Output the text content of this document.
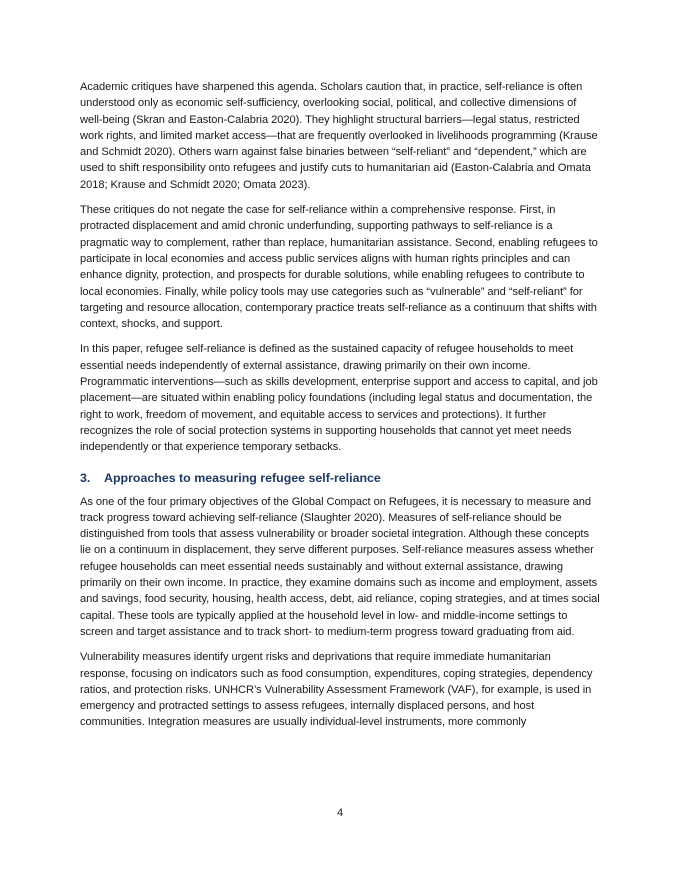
Academic critiques have sharpened this agenda. Scholars caution that, in practice, self-reliance is often understood only as economic self-sufficiency, overlooking social, political, and collective dimensions of well-being (Skran and Easton-Calabria 2020). They highlight structural barriers—legal status, restricted work rights, and limited market access—that are frequently overlooked in livelihoods programming (Krause and Schmidt 2020). Others warn against false binaries between “self-reliant” and “dependent,” which are used to shift responsibility onto refugees and justify cuts to humanitarian aid (Easton-Calabria and Omata 2018; Krause and Schmidt 2020; Omata 2023).

These critiques do not negate the case for self-reliance within a comprehensive response. First, in protracted displacement and amid chronic underfunding, supporting pathways to self-reliance is a pragmatic way to complement, rather than replace, humanitarian assistance. Second, enabling refugees to participate in local economies and access public services aligns with human rights principles and can enhance dignity, protection, and prospects for durable solutions, while enabling refugees to contribute to local economies. Finally, while policy tools may use categories such as “vulnerable” and “self-reliant” for targeting and resource allocation, contemporary practice treats self-reliance as a continuum that shifts with context, shocks, and support.

In this paper, refugee self-reliance is defined as the sustained capacity of refugee households to meet essential needs independently of external assistance, drawing primarily on their own income. Programmatic interventions—such as skills development, enterprise support and access to capital, and job placement—are situated within enabling policy foundations (including legal status and documentation, the right to work, freedom of movement, and equitable access to services and protections). It further recognizes the role of social protection systems in supporting households that cannot yet meet needs independently or that experience temporary setbacks.

3.	Approaches to measuring refugee self-reliance

As one of the four primary objectives of the Global Compact on Refugees, it is necessary to measure and track progress toward achieving self-reliance (Slaughter 2020). Measures of self-reliance should be distinguished from tools that assess vulnerability or broader societal integration. Although these concepts lie on a continuum in displacement, they serve different purposes. Self-reliance measures assess whether refugee households can meet essential needs sustainably and without external assistance, drawing primarily on their own income. In practice, they examine domains such as income and employment, assets and savings, food security, housing, health access, debt, aid reliance, coping strategies, and at times social capital. These tools are typically applied at the household level in low- and middle-income settings to screen and target assistance and to track short- to medium-term progress toward graduating from aid.

Vulnerability measures identify urgent risks and deprivations that require immediate humanitarian response, focusing on indicators such as food consumption, expenditures, coping strategies, dependency ratios, and protection risks. UNHCR’s Vulnerability Assessment Framework (VAF), for example, is used in emergency and protracted settings to assess refugees, internally displaced persons, and host communities. Integration measures are usually individual-level instruments, more commonly

4
